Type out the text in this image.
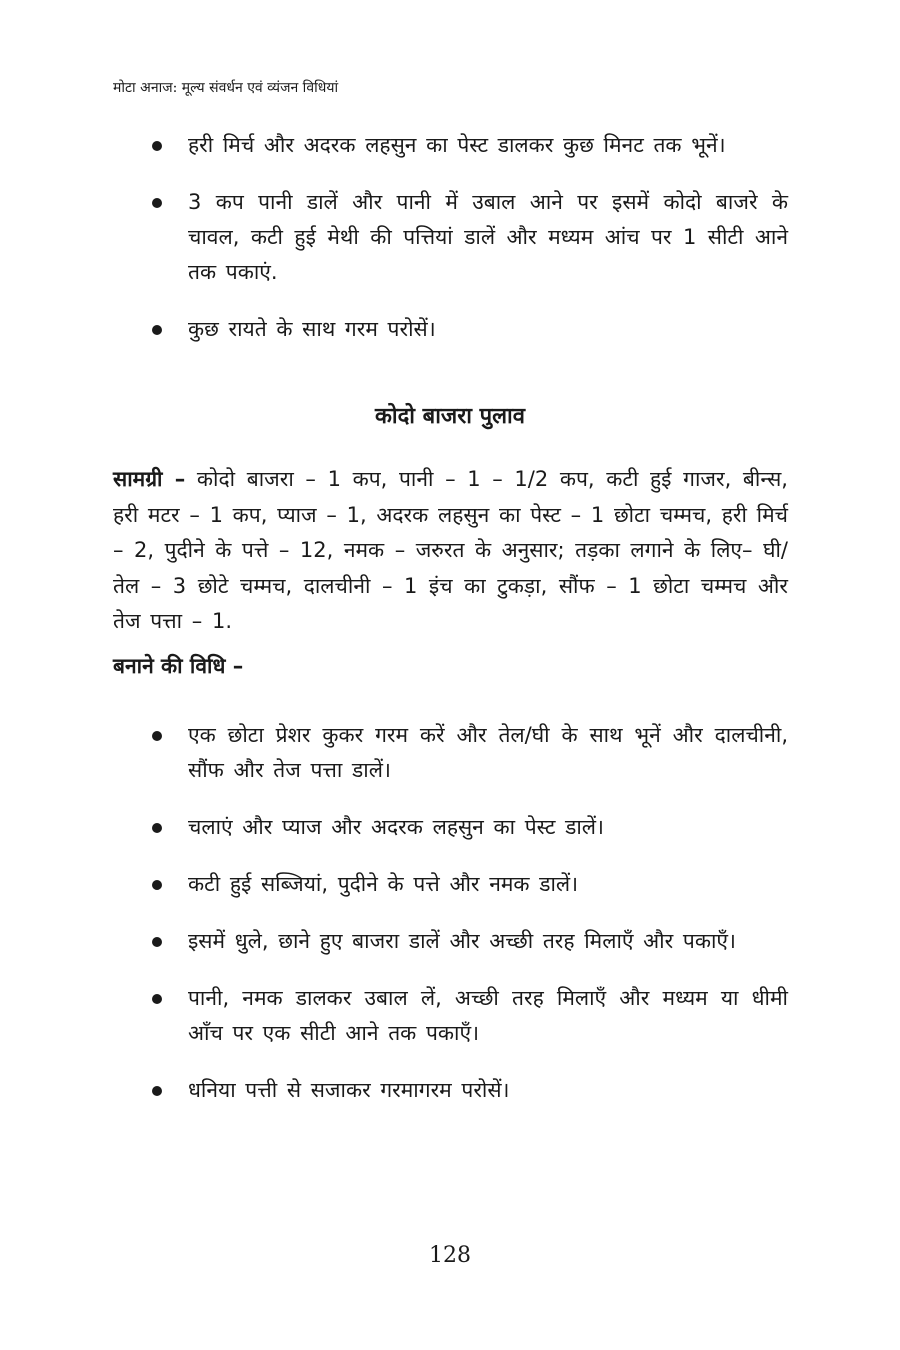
मोटा अनाज: मूल्य संवर्धन एवं व्यंजन विधियां
हरी मिर्च और अदरक लहसुन का पेस्ट डालकर कुछ मिनट तक भूनें।
3 कप पानी डालें और पानी में उबाल आने पर इसमें कोदो बाजरे के चावल, कटी हुई मेथी की पत्तियां डालें और मध्यम आंच पर 1 सीटी आने तक पकाएं.
कुछ रायते के साथ गरम परोसें।
कोदो बाजरा पुलाव
सामग्री – कोदो बाजरा – 1 कप, पानी – 1 – 1/2 कप, कटी हुई गाजर, बीन्स, हरी मटर – 1 कप, प्याज – 1, अदरक लहसुन का पेस्ट – 1 छोटा चम्मच, हरी मिर्च – 2, पुदीने के पत्ते – 12, नमक – जरुरत के अनुसार; तड़का लगाने के लिए– घी/तेल – 3 छोटे चम्मच, दालचीनी – 1 इंच का टुकड़ा, सौंफ – 1 छोटा चम्मच और तेज पत्ता – 1.
बनाने की विधि –
एक छोटा प्रेशर कुकर गरम करें और तेल/घी के साथ भूनें और दालचीनी, सौंफ और तेज पत्ता डालें।
चलाएं और प्याज और अदरक लहसुन का पेस्ट डालें।
कटी हुई सब्जियां, पुदीने के पत्ते और नमक डालें।
इसमें धुले, छाने हुए बाजरा डालें और अच्छी तरह मिलाएँ और पकाएँ।
पानी, नमक डालकर उबाल लें, अच्छी तरह मिलाएँ और मध्यम या धीमी आँच पर एक सीटी आने तक पकाएँ।
धनिया पत्ती से सजाकर गरमागरम परोसें।
128
